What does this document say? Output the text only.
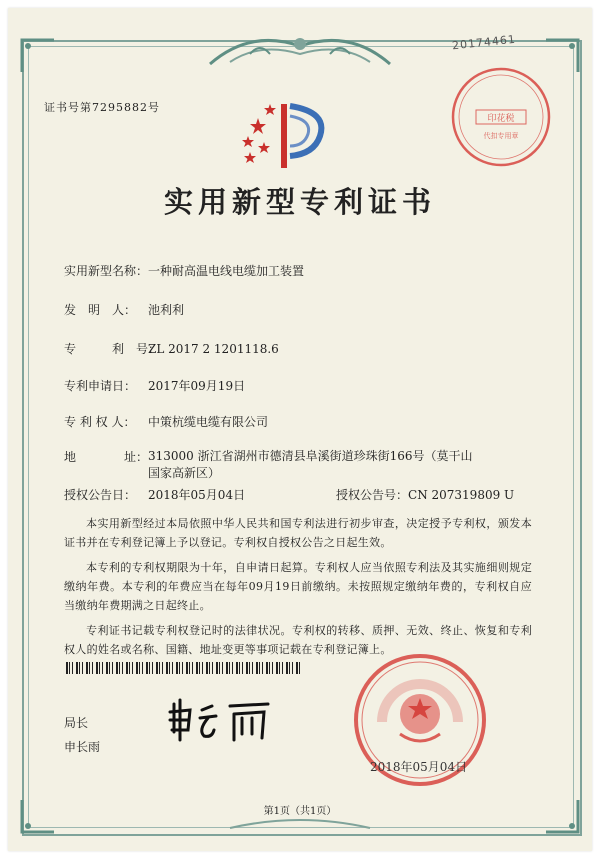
20174461
证书号第7295882号
印花税
代扣专用章
实用新型专利证书
实用新型名称：一种耐高温电线电缆加工装置
发　明　人： 池利利
专　　　利　号：ZL 2017 2 1201118.6
专利申请日： 2017年09月19日
专 利 权 人： 中策杭缆电缆有限公司
地　　　　址： 313000 浙江省湖州市德清县阜溪街道珍珠街166号（莫干山国家高新区）
授权公告日： 2018年05月04日	授权公告号：CN 207319809 U

本实用新型经过本局依照中华人民共和国专利法进行初步审查，决定授予专利权，颁发本证书并在专利登记簿上予以登记。专利权自授权公告之日起生效。

本专利的专利权期限为十年，自申请日起算。专利权人应当依照专利法及其实施细则规定缴纳年费。本专利的年费应当在每年09月19日前缴纳。未按照规定缴纳年费的，专利权自应当缴纳年费期满之日起终止。

专利证书记载专利权登记时的法律状况。专利权的转移、质押、无效、终止、恢复和专利权人的姓名或名称、国籍、地址变更等事项记载在专利登记簿上。

局长
申长雨
2018年05月04日
第1页（共1页）
